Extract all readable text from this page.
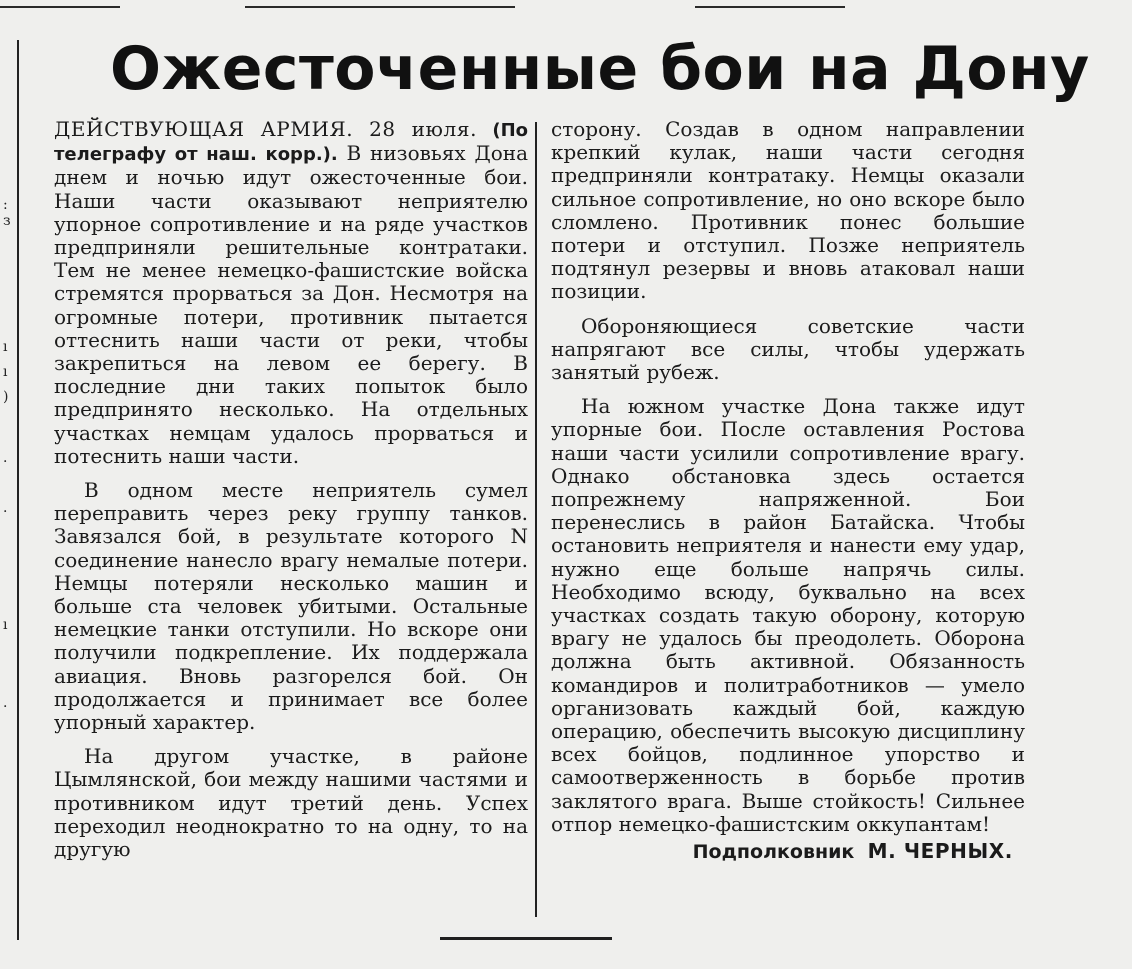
:
з
ı
ı
)
·
·
ı
·
Ожесточенные бои на Дону

ДЕЙСТВУЮЩАЯ АРМИЯ. 28 июля. (По телеграфу от наш. корр.). В низовьях Дона днем и ночью идут ожесточенные бои. Наши части оказывают неприятелю упорное сопротивление и на ряде участков предприняли решительные контратаки. Тем не менее немецко-фашистские войска стремятся прорваться за Дон. Несмотря на огромные потери, противник пытается оттеснить наши части от реки, чтобы закрепиться на левом ее берегу. В последние дни таких попыток было предпринято несколько. На отдельных участках немцам удалось прорваться и потеснить наши части.

В одном месте неприятель сумел переправить через реку группу танков. Завязался бой, в результате которого N соединение нанесло врагу немалые потери. Немцы потеряли несколько машин и больше ста человек убитыми. Остальные немецкие танки отступили. Но вскоре они получили подкрепление. Их поддержала авиация. Вновь разгорелся бой. Он продолжается и принимает все более упорный характер.

На другом участке, в районе Цымлянской, бои между нашими частями и противником идут третий день. Успех переходил неоднократно то на одну, то на другую

сторону. Создав в одном направлении крепкий кулак, наши части сегодня предприняли контратаку. Немцы оказали сильное сопротивление, но оно вскоре было сломлено. Противник понес большие потери и отступил. Позже неприятель подтянул резервы и вновь атаковал наши позиции.

Обороняющиеся советские части напрягают все силы, чтобы удержать занятый рубеж.

На южном участке Дона также идут упорные бои. После оставления Ростова наши части усилили сопротивление врагу. Однако обстановка здесь остается попрежнему напряженной. Бои перенеслись в район Батайска. Чтобы остановить неприятеля и нанести ему удар, нужно еще больше напрячь силы. Необходимо всюду, буквально на всех участках создать такую оборону, которую врагу не удалось бы преодолеть. Оборона должна быть активной. Обязанность командиров и политработников — умело организовать каждый бой, каждую операцию, обеспечить высокую дисциплину всех бойцов, подлинное упорство и самоотверженность в борьбе против заклятого врага. Выше стойкость! Сильнее отпор немецко-фашистским оккупантам!

Подполковник М. ЧЕРНЫХ.
